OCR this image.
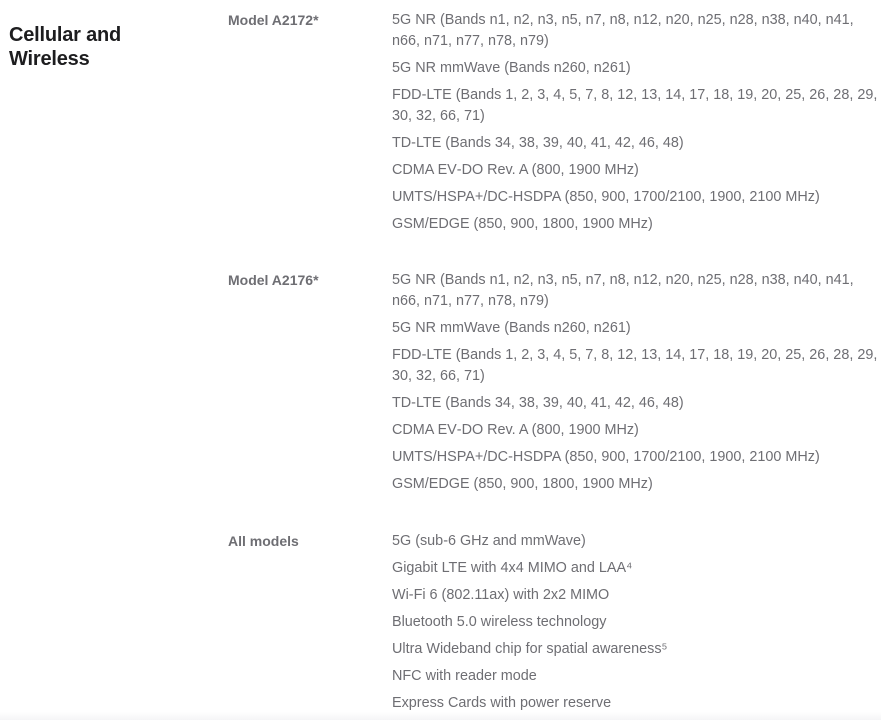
Cellular and Wireless
Model A2172*	5G NR (Bands n1, n2, n3, n5, n7, n8, n12, n20, n25, n28, n38, n40, n41, n66, n71, n77, n78, n79)
5G NR mmWave (Bands n260, n261)
FDD‑LTE (Bands 1, 2, 3, 4, 5, 7, 8, 12, 13, 14, 17, 18, 19, 20, 25, 26, 28, 29, 30, 32, 66, 71)
TD‑LTE (Bands 34, 38, 39, 40, 41, 42, 46, 48)
CDMA EV‑DO Rev. A (800, 1900 MHz)
UMTS/HSPA+/DC‑HSDPA (850, 900, 1700/2100, 1900, 2100 MHz)
GSM/EDGE (850, 900, 1800, 1900 MHz)
Model A2176*	5G NR (Bands n1, n2, n3, n5, n7, n8, n12, n20, n25, n28, n38, n40, n41, n66, n71, n77, n78, n79)
5G NR mmWave (Bands n260, n261)
FDD‑LTE (Bands 1, 2, 3, 4, 5, 7, 8, 12, 13, 14, 17, 18, 19, 20, 25, 26, 28, 29, 30, 32, 66, 71)
TD‑LTE (Bands 34, 38, 39, 40, 41, 42, 46, 48)
CDMA EV‑DO Rev. A (800, 1900 MHz)
UMTS/HSPA+/DC‑HSDPA (850, 900, 1700/2100, 1900, 2100 MHz)
GSM/EDGE (850, 900, 1800, 1900 MHz)
All models	5G (sub‑6 GHz and mmWave)
Gigabit LTE with 4x4 MIMO and LAA⁴
Wi‑Fi 6 (802.11ax) with 2x2 MIMO
Bluetooth 5.0 wireless technology
Ultra Wideband chip for spatial awareness⁵
NFC with reader mode
Express Cards with power reserve
